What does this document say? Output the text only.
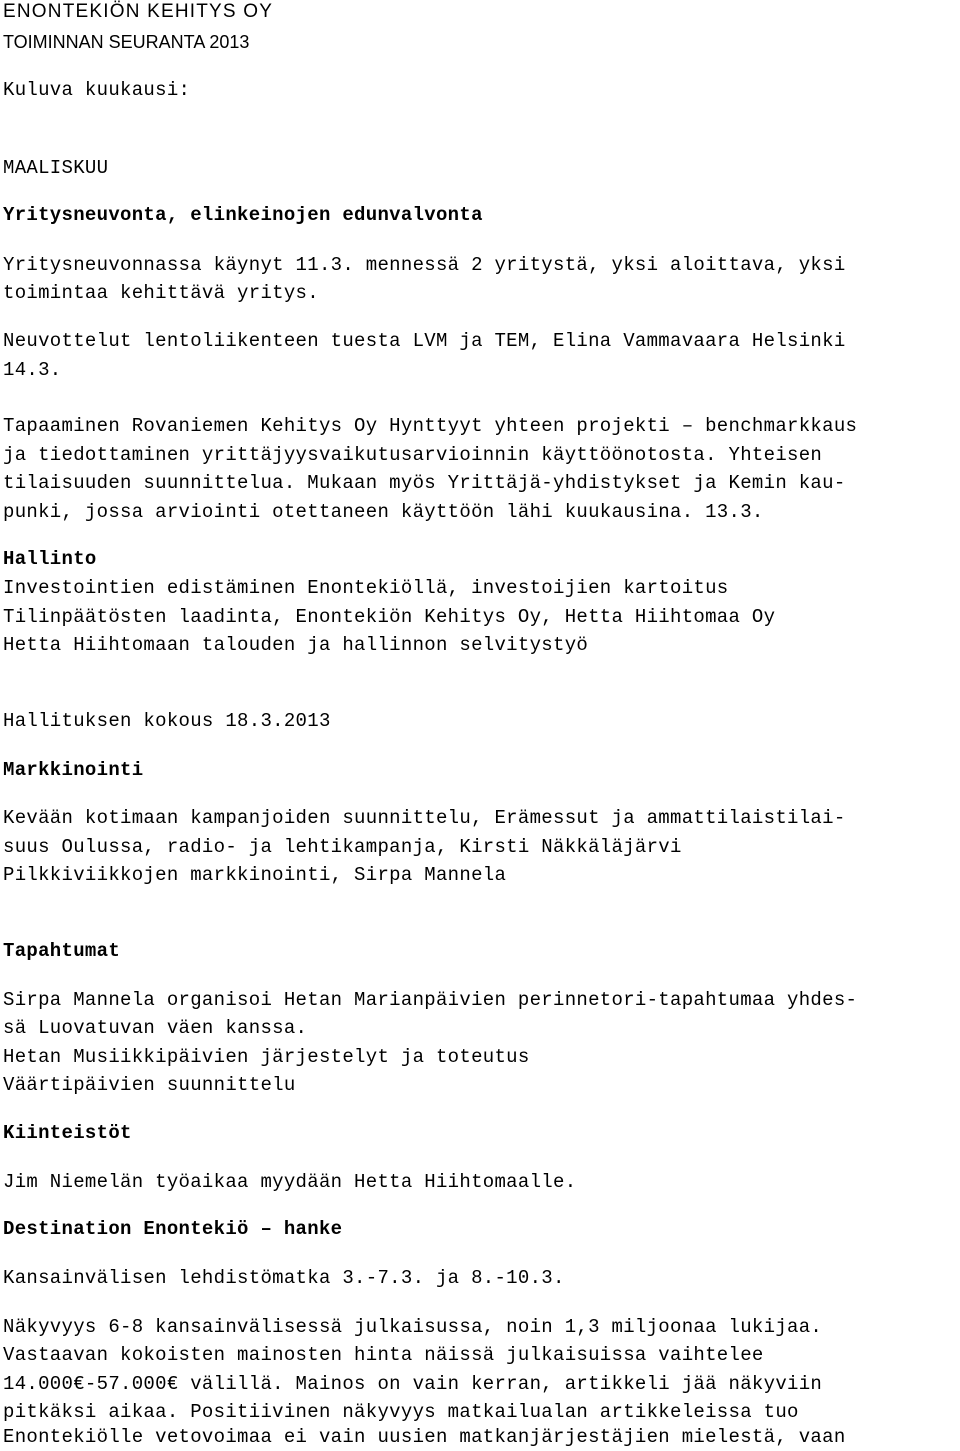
ENONTEKIÖN KEHITYS OY
TOIMINNAN SEURANTA 2013
Kuluva kuukausi:
MAALISKUU
Yritysneuvonta, elinkeinojen edunvalvonta
Yritysneuvonnassa käynyt 11.3. mennessä 2 yritystä, yksi aloittava, yksi
toimintaa kehittävä yritys.
Neuvottelut lentoliikenteen tuesta LVM ja TEM, Elina Vammavaara Helsinki
14.3.
Tapaaminen Rovaniemen Kehitys Oy Hynttyyt yhteen projekti – benchmarkkaus
ja tiedottaminen yrittäjyysvaikutusarvioinnin käyttöönotosta. Yhteisen
tilaisuuden suunnittelua. Mukaan myös Yrittäjä-yhdistykset ja Kemin kau-
punki, jossa arviointi otettaneen käyttöön lähi kuukausina. 13.3.
Hallinto
Investointien edistäminen Enontekiöllä, investoijien kartoitus
Tilinpäätösten laadinta, Enontekiön Kehitys Oy, Hetta Hiihtomaa Oy
Hetta Hiihtomaan talouden ja hallinnon selvitystyö
Hallituksen kokous 18.3.2013
Markkinointi
Kevään kotimaan kampanjoiden suunnittelu, Erämessut ja ammattilaistilai-
suus Oulussa, radio- ja lehtikampanja, Kirsti Näkkäläjärvi
Pilkkiviikkojen markkinointi, Sirpa Mannela
Tapahtumat
Sirpa Mannela organisoi Hetan Marianpäivien perinnetori-tapahtumaa yhdes-
sä Luovatuvan väen kanssa.
Hetan Musiikkipäivien järjestelyt ja toteutus
Väärtipäivien suunnittelu
Kiinteistöt
Jim Niemelän työaikaa myydään Hetta Hiihtomaalle.
Destination Enontekiö – hanke
Kansainvälisen lehdistömatka 3.-7.3. ja 8.-10.3.
Näkyvyys 6-8 kansainvälisessä julkaisussa, noin 1,3 miljoonaa lukijaa.
Vastaavan kokoisten mainosten hinta näissä julkaisuissa vaihtelee
14.000€-57.000€ välillä. Mainos on vain kerran, artikkeli jää näkyviin
pitkäksi aikaa. Positiivinen näkyvyys matkailualan artikkeleissa tuo
Enontekiölle vetovoimaa ei vain uusien matkanjärjestäjien mielestä, vaan
